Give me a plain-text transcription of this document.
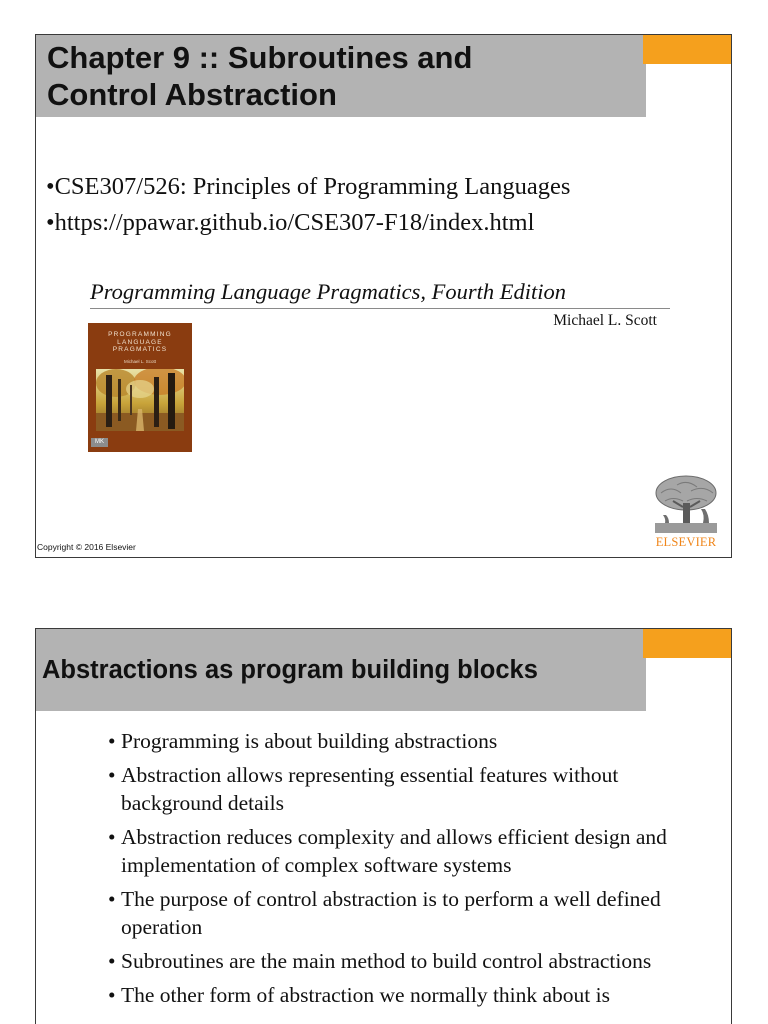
Chapter 9 :: Subroutines and
Control Abstraction
•CSE307/526: Principles of Programming Languages
•https://ppawar.github.io/CSE307-F18/index.html
Programming Language Pragmatics, Fourth Edition
Michael L. Scott
PROGRAMMING
LANGUAGE
PRAGMATICS
Michael L. Scott
MK
Copyright © 2016 Elsevier	ELSEVIER
Abstractions as program building blocks
• Programming is about building abstractions
• Abstraction allows representing essential features without background details
• Abstraction reduces complexity and allows efficient design and implementation of complex software systems
• The purpose of control abstraction is to perform a well defined operation
• Subroutines are the main method to build control abstractions
• The other form of abstraction we normally think about is
